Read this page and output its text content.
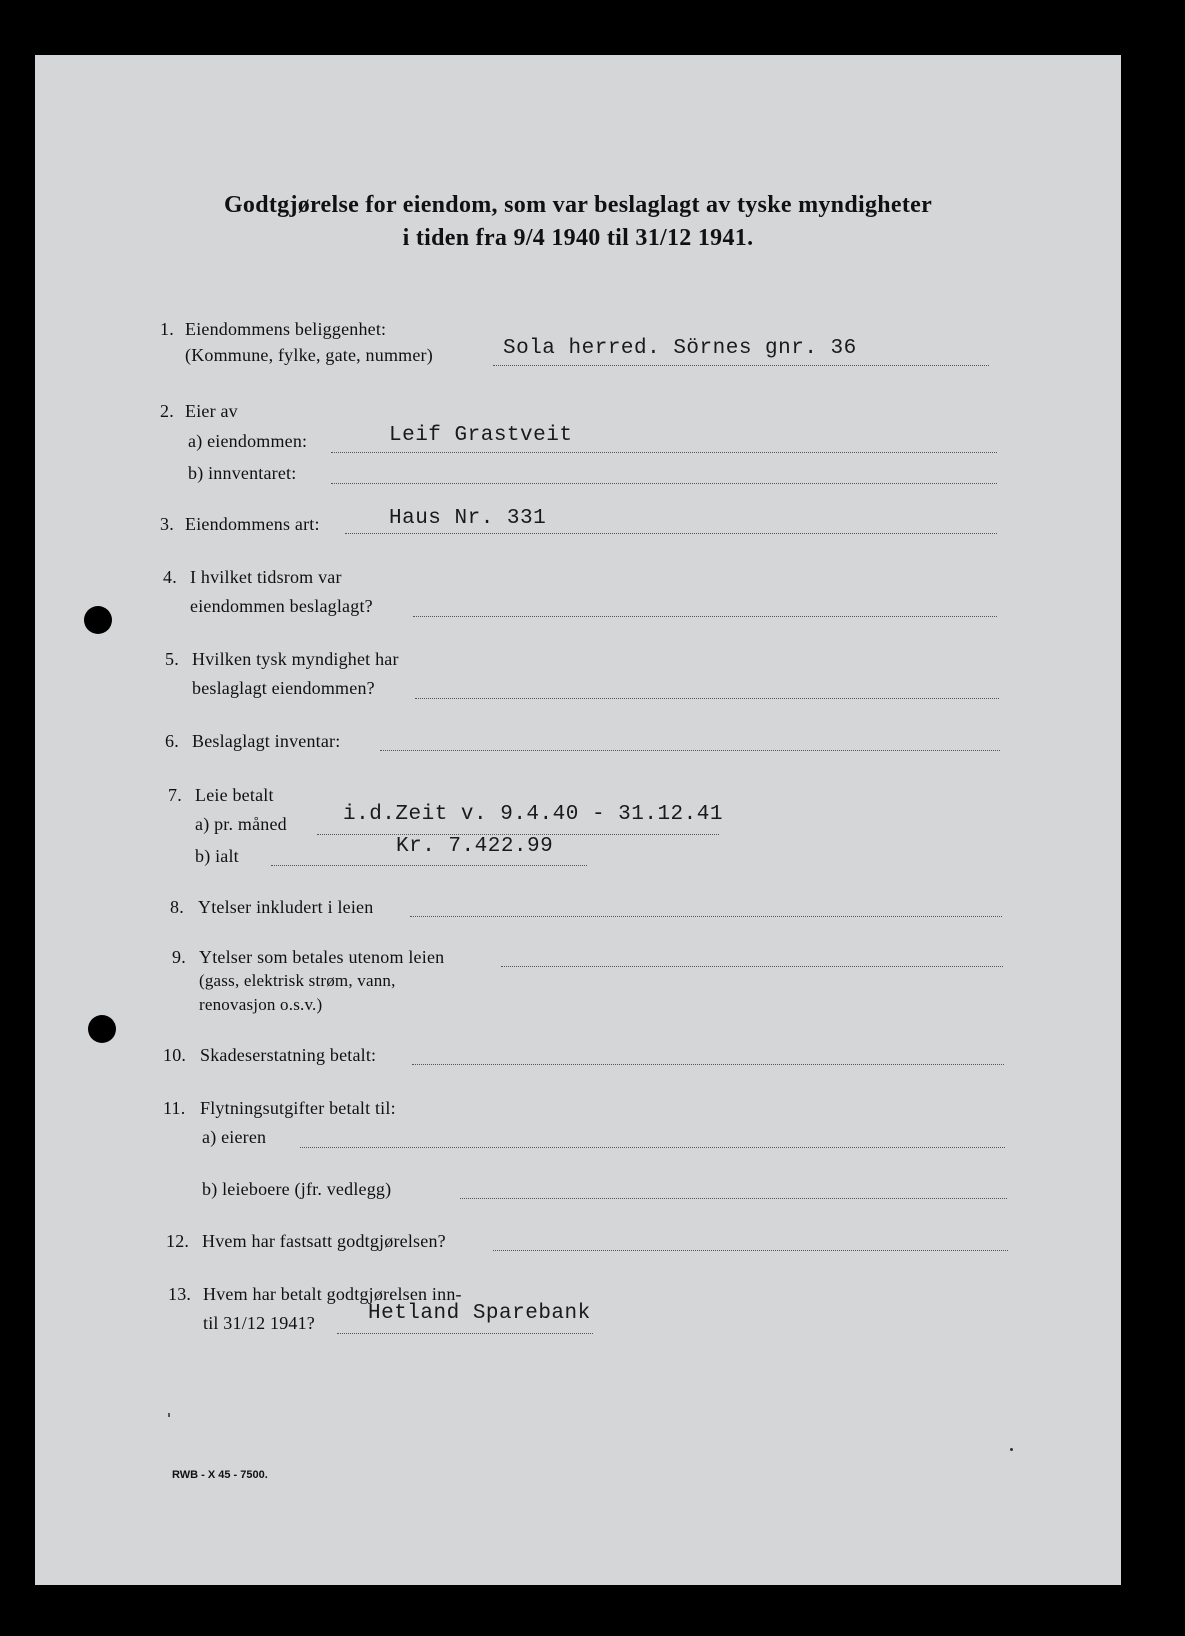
Godtgjørelse for eiendom, som var beslaglagt av tyske myndigheter
i tiden fra 9/4 1940 til 31/12 1941.
1. Eiendommens beliggenhet:
(Kommune, fylke, gate, nummer)	Sola herred. Sörnes gnr. 36
2. Eier av
a) eiendommen:	Leif Grastveit
b) innventaret:
3. Eiendommens art:	Haus Nr. 331
4. I hvilket tidsrom var
eiendommen beslaglagt?
5. Hvilken tysk myndighet har
beslaglagt eiendommen?
6. Beslaglagt inventar:
7. Leie betalt
a) pr. måned	i.d.Zeit v. 9.4.40 - 31.12.41
b) ialt	Kr. 7.422.99
8. Ytelser inkludert i leien
9. Ytelser som betales utenom leien
(gass, elektrisk strøm, vann,
renovasjon o.s.v.)
10. Skadeserstatning betalt:
11. Flytningsutgifter betalt til:
a) eieren
b) leieboere (jfr. vedlegg)
12. Hvem har fastsatt godtgjørelsen?
13. Hvem har betalt godtgjørelsen inn-
til 31/12 1941?	Hetland Sparebank
RWB - X 45 - 7500.
